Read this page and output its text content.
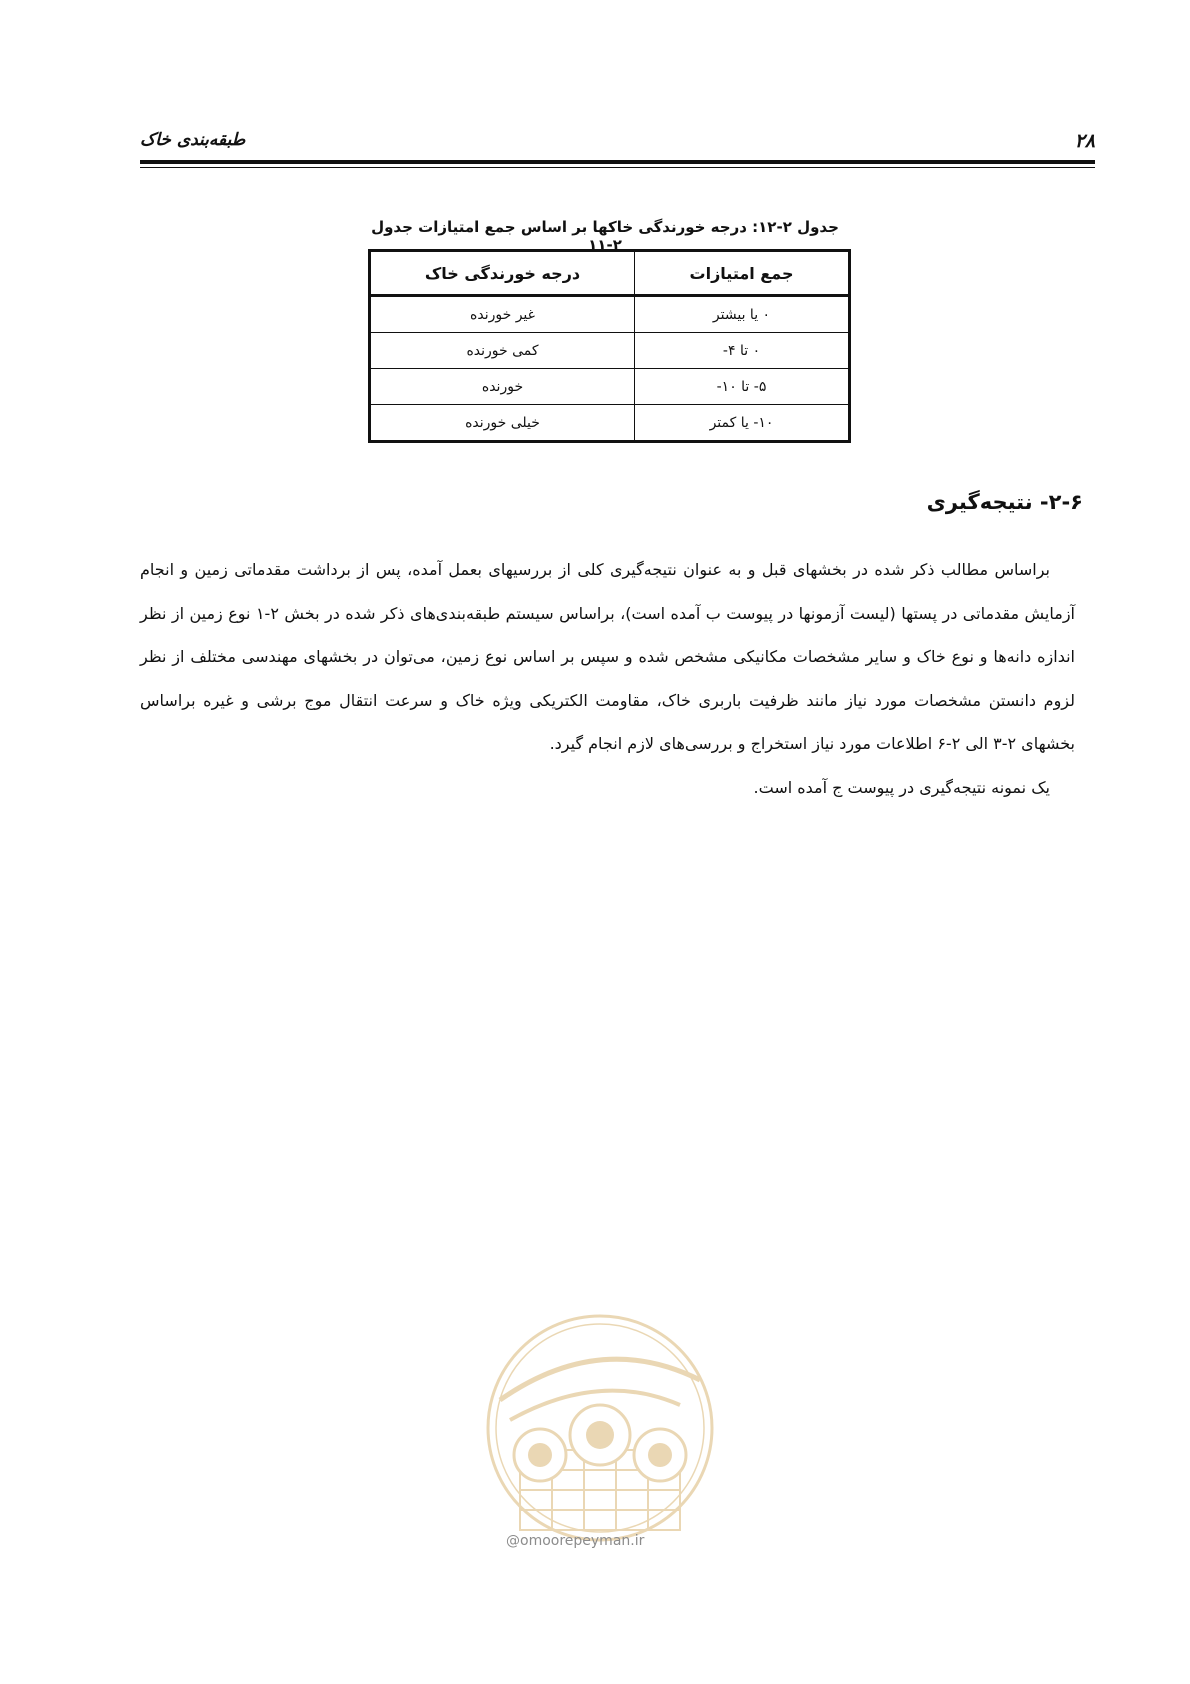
۲۸
طبقه‌بندی خاک
جدول ۲-۱۲: درجه خورندگی خاکها بر اساس جمع امتیازات جدول ۲-۱۱
جمع امتیازات	درجه خورندگی خاک
۰ یا بیشتر	غیر خورنده
۰ تا ۴-	کمی خورنده
۵- تا ۱۰-	خورنده
۱۰- یا کمتر	خیلی خورنده
۲-۶- نتیجه‌گیری

براساس مطالب ذکر شده در بخشهای قبل و به عنوان نتیجه‌گیری کلی از بررسیهای بعمل آمده، پس از برداشت مقدماتی زمین و انجام آزمایش مقدماتی در پستها (لیست آزمونها در پیوست ب آمده است)، براساس سیستم طبقه‌بندی‌های ذکر شده در بخش ۲-۱ نوع زمین از نظر اندازه دانه‌ها و نوع خاک و سایر مشخصات مکانیکی مشخص شده و سپس بر اساس نوع زمین، می‌توان در بخشهای مهندسی مختلف از نظر لزوم دانستن مشخصات مورد نیاز مانند ظرفیت باربری خاک، مقاومت الکتریکی ویژه خاک و سرعت انتقال موج برشی و غیره براساس بخشهای ۲-۳ الی ۲-۶ اطلاعات مورد نیاز استخراج و بررسی‌های لازم انجام گیرد.

یک نمونه نتیجه‌گیری در پیوست ج آمده است.

@omoorepeyman.ir
